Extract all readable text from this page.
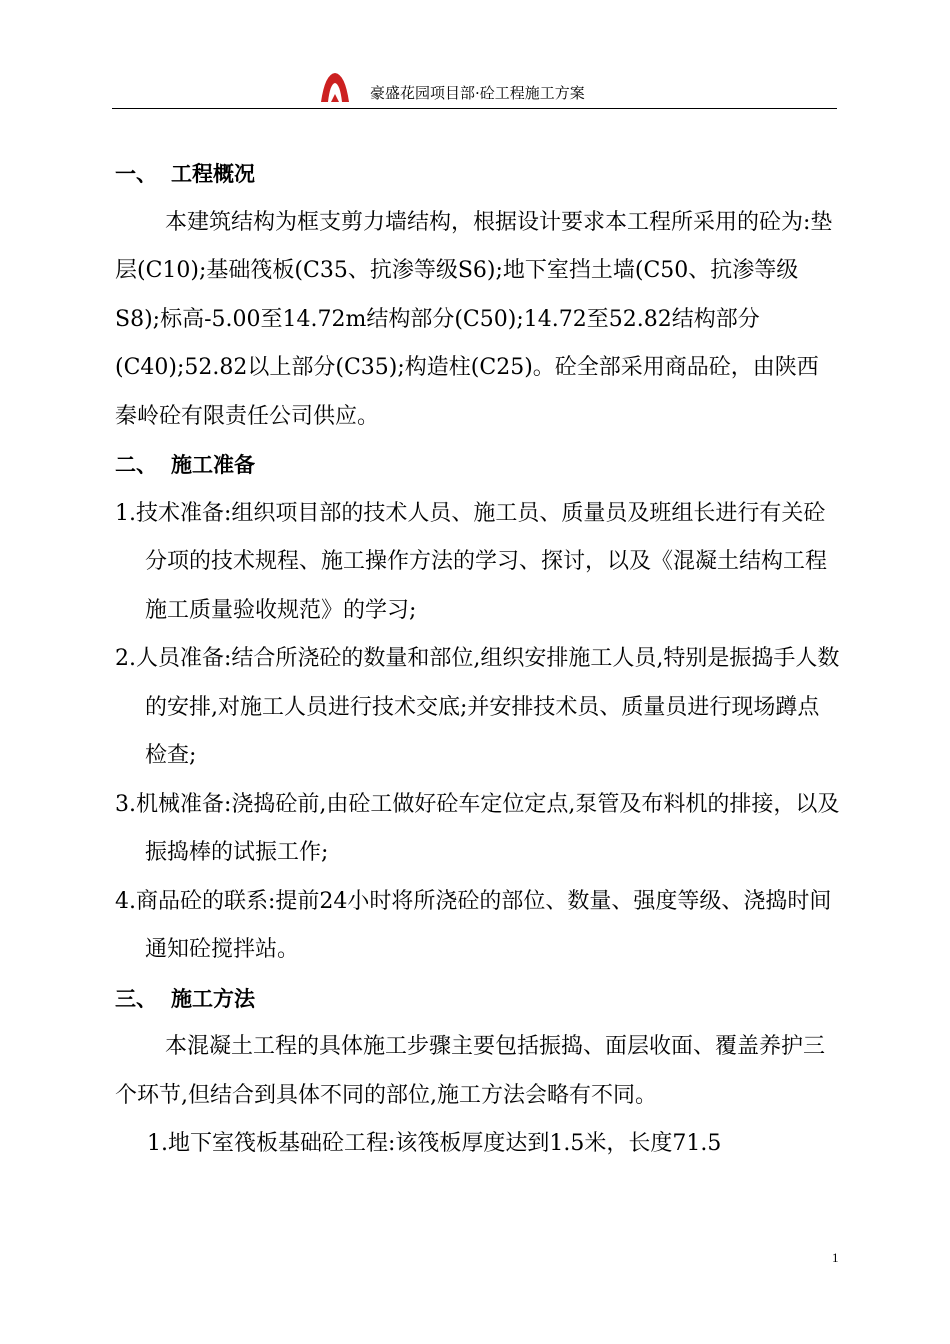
豪盛花园项目部·砼工程施工方案

一、 工程概况

本建筑结构为框支剪力墙结构，根据设计要求本工程所采用的砼为:垫层(C10);基础筏板(C35、抗渗等级S6);地下室挡土墙(C50、抗渗等级S8);标高-5.00至14.72m结构部分(C50);14.72至52.82结构部分(C40);52.82以上部分(C35);构造柱(C25)。砼全部采用商品砼，由陕西秦岭砼有限责任公司供应。

二、 施工准备

1.技术准备:组织项目部的技术人员、施工员、质量员及班组长进行有关砼分项的技术规程、施工操作方法的学习、探讨，以及《混凝土结构工程施工质量验收规范》的学习;

2.人员准备:结合所浇砼的数量和部位,组织安排施工人员,特别是振捣手人数的安排,对施工人员进行技术交底;并安排技术员、质量员进行现场蹲点检查;

3.机械准备:浇捣砼前,由砼工做好砼车定位定点,泵管及布料机的排接，以及振捣棒的试振工作;

4.商品砼的联系:提前24小时将所浇砼的部位、数量、强度等级、浇捣时间通知砼搅拌站。

三、 施工方法

本混凝土工程的具体施工步骤主要包括振捣、面层收面、覆盖养护三个环节,但结合到具体不同的部位,施工方法会略有不同。

1.地下室筏板基础砼工程:该筏板厚度达到1.5米，长度71.5

1
